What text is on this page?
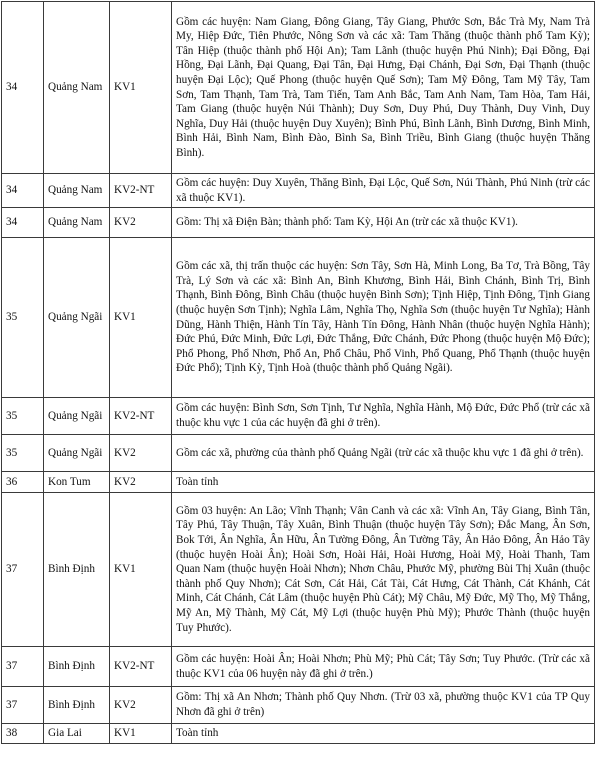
34	Quảng Nam	KV1	Gồm các huyện: Nam Giang, Đông Giang, Tây Giang, Phước Sơn, Bắc Trà My, Nam Trà My, Hiệp Đức, Tiên Phước, Nông Sơn và các xã: Tam Thăng (thuộc thành phố Tam Kỳ); Tân Hiệp (thuộc thành phố Hội An); Tam Lãnh (thuộc huyện Phú Ninh); Đại Đồng, Đại Hồng, Đại Lãnh, Đại Quang, Đại Tân, Đại Hưng, Đại Chánh, Đại Sơn, Đại Thạnh (thuộc huyện Đại Lộc); Quế Phong (thuộc huyện Quế Sơn); Tam Mỹ Đông, Tam Mỹ Tây, Tam Sơn, Tam Thạnh, Tam Trà, Tam Tiến, Tam Anh Bắc, Tam Anh Nam, Tam Hòa, Tam Hải, Tam Giang (thuộc huyện Núi Thành); Duy Sơn, Duy Phú, Duy Thành, Duy Vinh, Duy Nghĩa, Duy Hải (thuộc huyện Duy Xuyên); Bình Phú, Bình Lãnh, Bình Dương, Bình Minh, Bình Hải, Bình Nam, Bình Đào, Bình Sa, Bình Triều, Bình Giang (thuộc huyện Thăng Bình).
34	Quảng Nam	KV2-NT	Gồm các huyện: Duy Xuyên, Thăng Bình, Đại Lộc, Quế Sơn, Núi Thành, Phú Ninh (trừ các xã thuộc KV1).
34	Quảng Nam	KV2	Gồm: Thị xã Điện Bàn; thành phố: Tam Kỳ, Hội An (trừ các xã thuộc KV1).
35	Quảng Ngãi	KV1	Gồm các xã, thị trấn thuộc các huyện: Sơn Tây, Sơn Hà, Minh Long, Ba Tơ, Trà Bồng, Tây Trà, Lý Sơn và các xã: Bình An, Bình Khương, Bình Hải, Bình Chánh, Bình Trị, Bình Thạnh, Bình Đông, Bình Châu (thuộc huyện Bình Sơn); Tịnh Hiệp, Tịnh Đông, Tịnh Giang (thuộc huyện Sơn Tịnh); Nghĩa Lâm, Nghĩa Thọ, Nghĩa Sơn (thuộc huyện Tư Nghĩa); Hành Dũng, Hành Thiện, Hành Tín Tây, Hành Tín Đông, Hành Nhân (thuộc huyện Nghĩa Hành); Đức Phú, Đức Minh, Đức Lợi, Đức Thắng, Đức Chánh, Đức Phong (thuộc huyện Mộ Đức); Phổ Phong, Phổ Nhơn, Phổ An, Phổ Châu, Phổ Vinh, Phổ Quang, Phổ Thạnh (thuộc huyện Đức Phổ); Tịnh Kỳ, Tịnh Hoà (thuộc thành phố Quảng Ngãi).
35	Quảng Ngãi	KV2-NT	Gồm các huyện: Bình Sơn, Sơn Tịnh, Tư Nghĩa, Nghĩa Hành, Mộ Đức, Đức Phổ (trừ các xã thuộc khu vực 1 của các huyện đã ghi ở trên).
35	Quảng Ngãi	KV2	Gồm các xã, phường của thành phố Quảng Ngãi (trừ các xã thuộc khu vực 1 đã ghi ở trên).
36	Kon Tum	KV2	Toàn tỉnh
37	Bình Định	KV1	Gồm 03 huyện: An Lão; Vĩnh Thạnh; Vân Canh và các xã: Vĩnh An, Tây Giang, Bình Tân, Tây Phú, Tây Thuận, Tây Xuân, Bình Thuận (thuộc huyện Tây Sơn); Đắc Mang, Ân Sơn, Bok Tới, Ân Nghĩa, Ân Hữu, Ân Tường Đông, Ân Tường Tây, Ân Hảo Đông, Ân Hảo Tây (thuộc huyện Hoài Ân); Hoài Sơn, Hoài Hải, Hoài Hương, Hoài Mỹ, Hoài Thanh, Tam Quan Nam (thuộc huyện Hoài Nhơn); Nhơn Châu, Phước Mỹ, phường Bùi Thị Xuân (thuộc thành phố Quy Nhơn); Cát Sơn, Cát Hải, Cát Tài, Cát Hưng, Cát Thành, Cát Khánh, Cát Minh, Cát Chánh, Cát Lâm (thuộc huyện Phù Cát); Mỹ Châu, Mỹ Đức, Mỹ Thọ, Mỹ Thắng, Mỹ An, Mỹ Thành, Mỹ Cát, Mỹ Lợi (thuộc huyện Phù Mỹ); Phước Thành (thuộc huyện Tuy Phước).
37	Bình Định	KV2-NT	Gồm các huyện: Hoài Ân; Hoài Nhơn; Phù Mỹ; Phù Cát; Tây Sơn; Tuy Phước. (Trừ các xã thuộc KV1 của 06 huyện này đã ghi ở trên.)
37	Bình Định	KV2	Gồm: Thị xã An Nhơn; Thành phố Quy Nhơn. (Trừ 03 xã, phường thuộc KV1 của TP Quy Nhơn đã ghi ở trên)
38	Gia Lai	KV1	Toàn tỉnh
